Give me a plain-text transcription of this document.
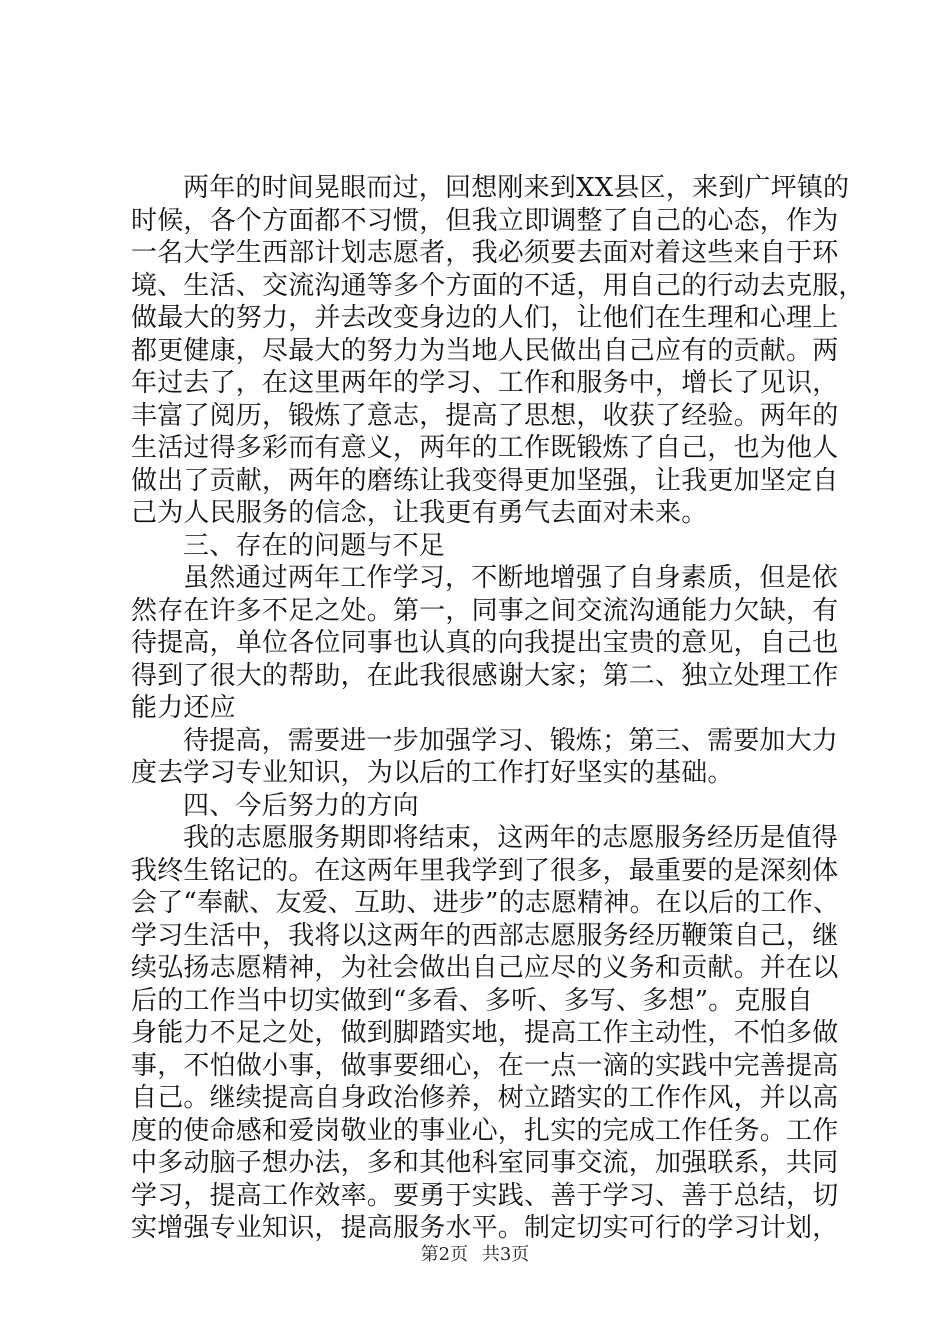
两年的时间晃眼而过，回想刚来到XX县区，来到广坪镇的
时候，各个方面都不习惯，但我立即调整了自己的心态，作为
一名大学生西部计划志愿者，我必须要去面对着这些来自于环
境、生活、交流沟通等多个方面的不适，用自己的行动去克服，
做最大的努力，并去改变身边的人们，让他们在生理和心理上
都更健康，尽最大的努力为当地人民做出自己应有的贡献。两
年过去了，在这里两年的学习、工作和服务中，增长了见识，
丰富了阅历，锻炼了意志，提高了思想，收获了经验。两年的
生活过得多彩而有意义，两年的工作既锻炼了自己，也为他人
做出了贡献，两年的磨练让我变得更加坚强，让我更加坚定自
己为人民服务的信念，让我更有勇气去面对未来。
三、存在的问题与不足
虽然通过两年工作学习，不断地增强了自身素质，但是依
然存在许多不足之处。第一，同事之间交流沟通能力欠缺，有
待提高，单位各位同事也认真的向我提出宝贵的意见，自己也
得到了很大的帮助，在此我很感谢大家；第二、独立处理工作
能力还应
待提高，需要进一步加强学习、锻炼；第三、需要加大力
度去学习专业知识，为以后的工作打好坚实的基础。
四、今后努力的方向
我的志愿服务期即将结束，这两年的志愿服务经历是值得
我终生铭记的。在这两年里我学到了很多，最重要的是深刻体
会了“奉献、友爱、互助、进步”的志愿精神。在以后的工作、
学习生活中，我将以这两年的西部志愿服务经历鞭策自己，继
续弘扬志愿精神，为社会做出自己应尽的义务和贡献。并在以
后的工作当中切实做到“多看、多听、多写、多想”。克服自
身能力不足之处，做到脚踏实地，提高工作主动性，不怕多做
事，不怕做小事，做事要细心，在一点一滴的实践中完善提高
自己。继续提高自身政治修养，树立踏实的工作作风，并以高
度的使命感和爱岗敬业的事业心，扎实的完成工作任务。工作
中多动脑子想办法，多和其他科室同事交流，加强联系，共同
学习，提高工作效率。要勇于实践、善于学习、善于总结，切
实增强专业知识，提高服务水平。制定切实可行的学习计划，
第2页 共3页
